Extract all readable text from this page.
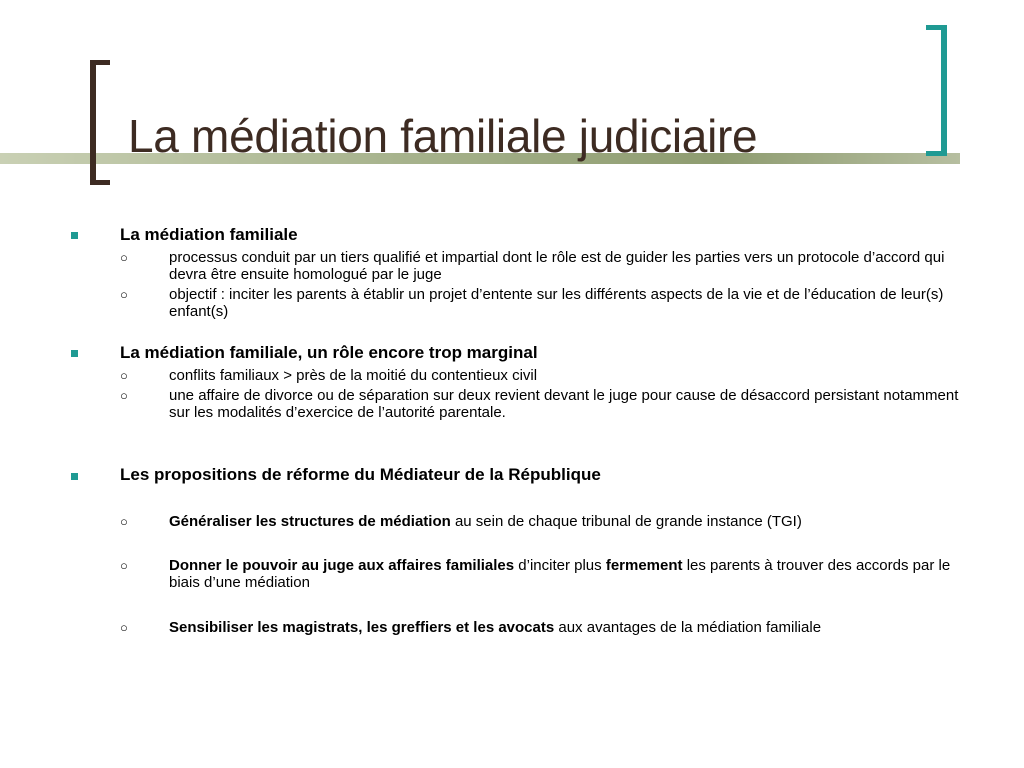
La médiation familiale judiciaire
La médiation familiale
○	processus conduit par un tiers qualifié et impartial dont le rôle est de guider les parties vers un protocole d’accord qui devra être ensuite homologué par le juge
○	objectif : inciter les parents à établir un projet d’entente sur les différents aspects de la vie et de l’éducation de leur(s) enfant(s)
La médiation familiale, un rôle encore trop marginal
○	conflits familiaux > près de la moitié du contentieux civil
○	une affaire de divorce ou de séparation sur deux revient devant le juge pour cause de désaccord persistant notamment sur les modalités d’exercice de l’autorité parentale.
Les propositions de réforme du Médiateur de la République
○	Généraliser les structures de médiation au sein de chaque tribunal de grande instance (TGI)
○	Donner le pouvoir au juge aux affaires familiales d’inciter plus fermement les parents à trouver des accords par le biais d’une médiation
○	Sensibiliser les magistrats, les greffiers et les avocats aux avantages de la médiation familiale
